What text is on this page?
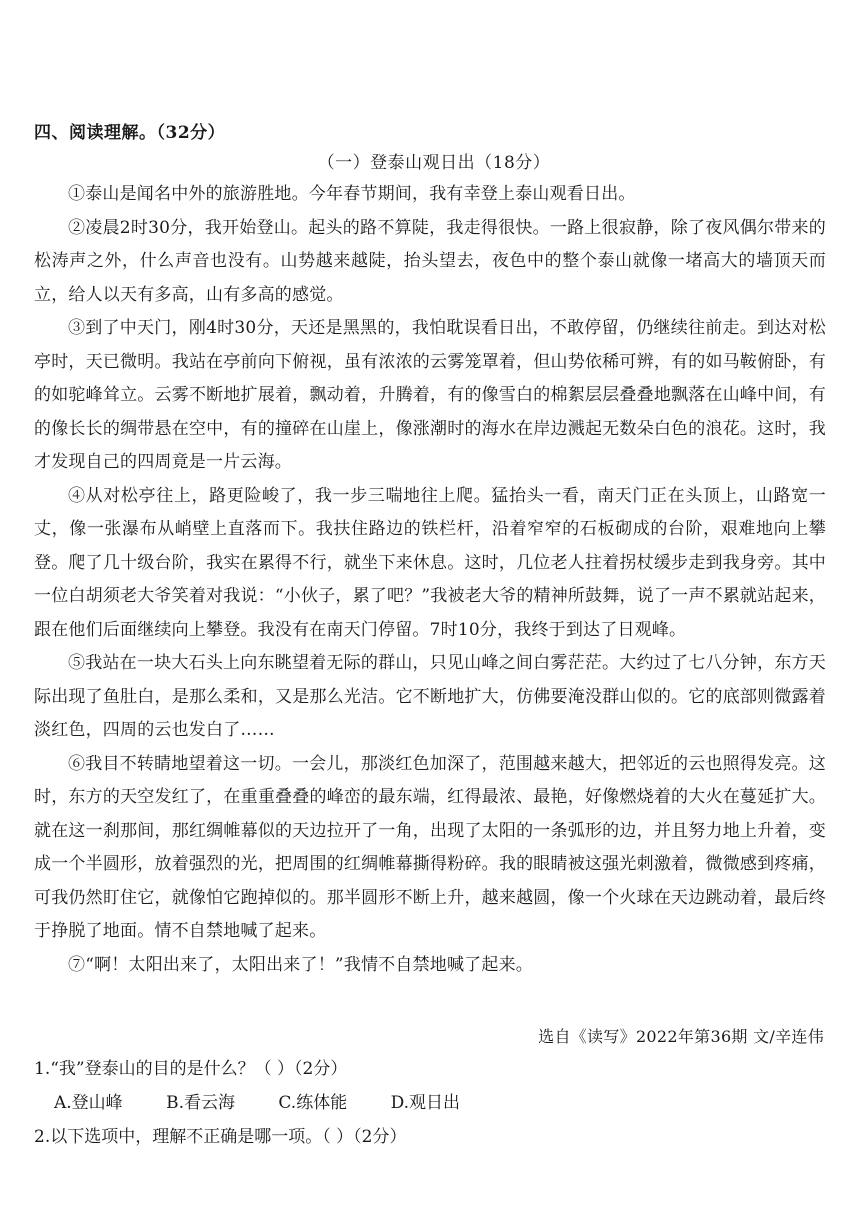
四、阅读理解。（32分）
（一）登泰山观日出（18分）

①泰山是闻名中外的旅游胜地。今年春节期间，我有幸登上泰山观看日出。

②凌晨2时30分，我开始登山。起头的路不算陡，我走得很快。一路上很寂静，除了夜风偶尔带来的松涛声之外，什么声音也没有。山势越来越陡，抬头望去，夜色中的整个泰山就像一堵高大的墙顶天而立，给人以天有多高，山有多高的感觉。

③到了中天门，刚4时30分，天还是黑黑的，我怕耽误看日出，不敢停留，仍继续往前走。到达对松亭时，天已微明。我站在亭前向下俯视，虽有浓浓的云雾笼罩着，但山势依稀可辨，有的如马鞍俯卧，有的如驼峰耸立。云雾不断地扩展着，飘动着，升腾着，有的像雪白的棉絮层层叠叠地飘落在山峰中间，有的像长长的绸带悬在空中，有的撞碎在山崖上，像涨潮时的海水在岸边溅起无数朵白色的浪花。这时，我才发现自己的四周竟是一片云海。

④从对松亭往上，路更险峻了，我一步三喘地往上爬。猛抬头一看，南天门正在头顶上，山路宽一丈，像一张瀑布从峭壁上直落而下。我扶住路边的铁栏杆，沿着窄窄的石板砌成的台阶，艰难地向上攀登。爬了几十级台阶，我实在累得不行，就坐下来休息。这时，几位老人拄着拐杖缓步走到我身旁。其中一位白胡须老大爷笑着对我说：“小伙子，累了吧？”我被老大爷的精神所鼓舞，说了一声不累就站起来，跟在他们后面继续向上攀登。我没有在南天门停留。7时10分，我终于到达了日观峰。

⑤我站在一块大石头上向东眺望着无际的群山，只见山峰之间白雾茫茫。大约过了七八分钟，东方天际出现了鱼肚白，是那么柔和，又是那么光洁。它不断地扩大，仿佛要淹没群山似的。它的底部则微露着淡红色，四周的云也发白了……

⑥我目不转睛地望着这一切。一会儿，那淡红色加深了，范围越来越大，把邻近的云也照得发亮。这时，东方的天空发红了，在重重叠叠的峰峦的最东端，红得最浓、最艳，好像燃烧着的大火在蔓延扩大。就在这一刹那间，那红绸帷幕似的天边拉开了一角，出现了太阳的一条弧形的边，并且努力地上升着，变成一个半圆形，放着强烈的光，把周围的红绸帷幕撕得粉碎。我的眼睛被这强光刺激着，微微感到疼痛，可我仍然盯住它，就像怕它跑掉似的。那半圆形不断上升，越来越圆，像一个火球在天边跳动着，最后终于挣脱了地面。情不自禁地喊了起来。

⑦“啊！太阳出来了，太阳出来了！”我情不自禁地喊了起来。

选自《读写》2022年第36期 文/辛连伟

1.“我”登泰山的目的是什么？（ ）（2分）

A.登山峰	B.看云海	C.练体能	D.观日出

2.以下选项中，理解不正确是哪一项。（ ）（2分）
